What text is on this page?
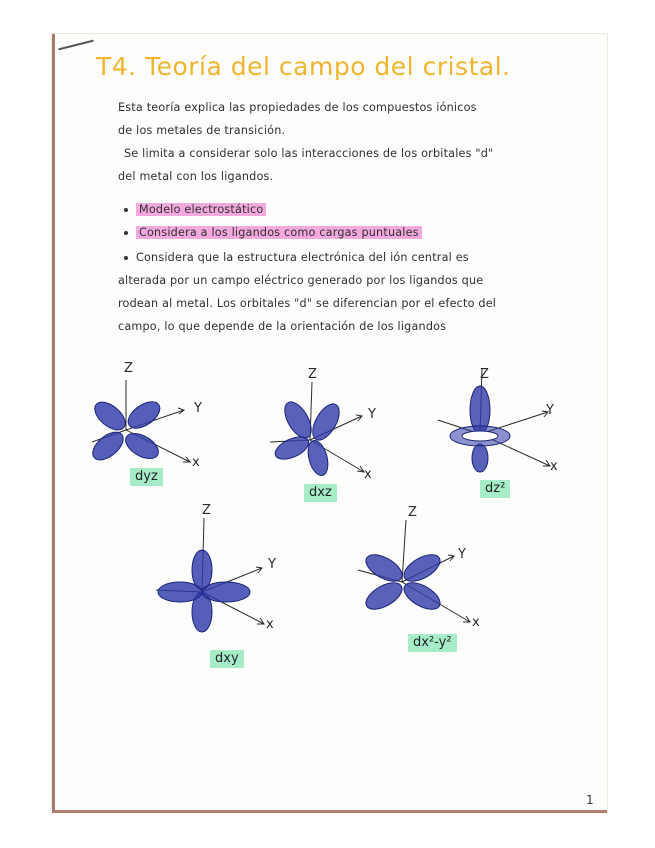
T4. Teoría del campo del cristal.

Esta teoría explica las propiedades de los compuestos iónicos

de los metales de transición.

Se limita a considerar solo las interacciones de los orbitales "d"

del metal con los ligandos.

Modelo electrostático

Considera a los ligandos como cargas puntuales

Considera que la estructura electrónica del ión central es

alterada por un campo eléctrico generado por los ligandos que

rodean al metal. Los orbitales "d" se diferencian por el efecto del

campo, lo que depende de la orientación de los ligandos

Z
Y
x
dyz
Z
Y
x
dxz
Z
Y
x
dz²
Z
Y
x
dxy
Z
Y
x
dx²-y²
1
